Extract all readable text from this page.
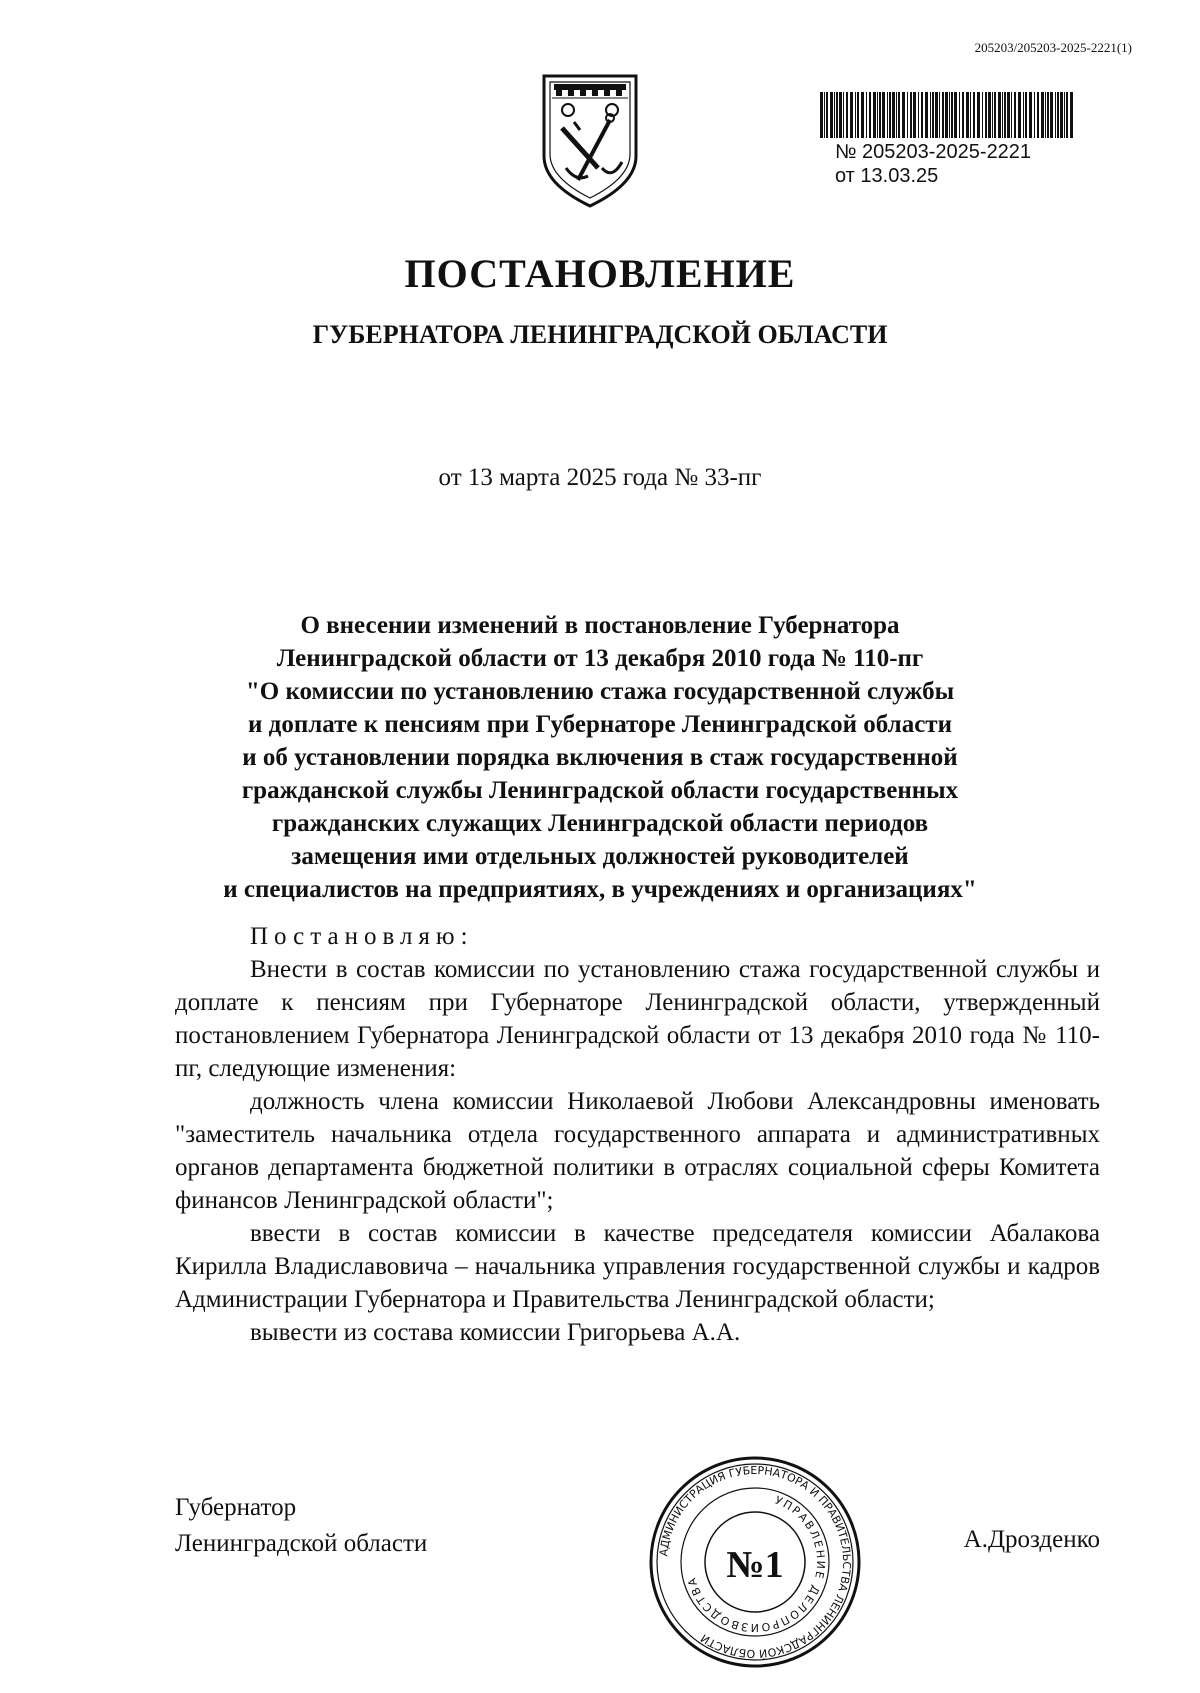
205203/205203-2025-2221(1)
№ 205203-2025-2221
от 13.03.25
ПОСТАНОВЛЕНИЕ
ГУБЕРНАТОРА ЛЕНИНГРАДСКОЙ ОБЛАСТИ
от 13 марта 2025 года № 33-пг
О внесении изменений в постановление Губернатора
Ленинградской области от 13 декабря 2010 года № 110-пг
"О комиссии по установлению стажа государственной службы
и доплате к пенсиям при Губернаторе Ленинградской области
и об установлении порядка включения в стаж государственной
гражданской службы Ленинградской области государственных
гражданских служащих Ленинградской области периодов
замещения ими отдельных должностей руководителей
и специалистов на предприятиях, в учреждениях и организациях"
Постановляю:

Внести в состав комиссии по установлению стажа государственной службы и доплате к пенсиям при Губернаторе Ленинградской области, утвержденный постановлением Губернатора Ленинградской области от 13 декабря 2010 года № 110-пг, следующие изменения:

должность члена комиссии Николаевой Любови Александровны именовать "заместитель начальника отдела государственного аппарата и административных органов департамента бюджетной политики в отраслях социальной сферы Комитета финансов Ленинградской области";

ввести в состав комиссии в качестве председателя комиссии Абалакова Кирилла Владиславовича – начальника управления государственной службы и кадров Администрации Губернатора и Правительства Ленинградской области;

вывести из состава комиссии Григорьева А.А.

Губернатор
Ленинградской области	А.Дрозденко
АДМИНИСТРАЦИЯ ГУБЕРНАТОРА И ПРАВИТЕЛЬСТВА ЛЕНИНГРАДСКОЙ ОБЛАСТИ
УПРАВЛЕНИЕ ДЕЛОПРОИЗВОДСТВА №1
